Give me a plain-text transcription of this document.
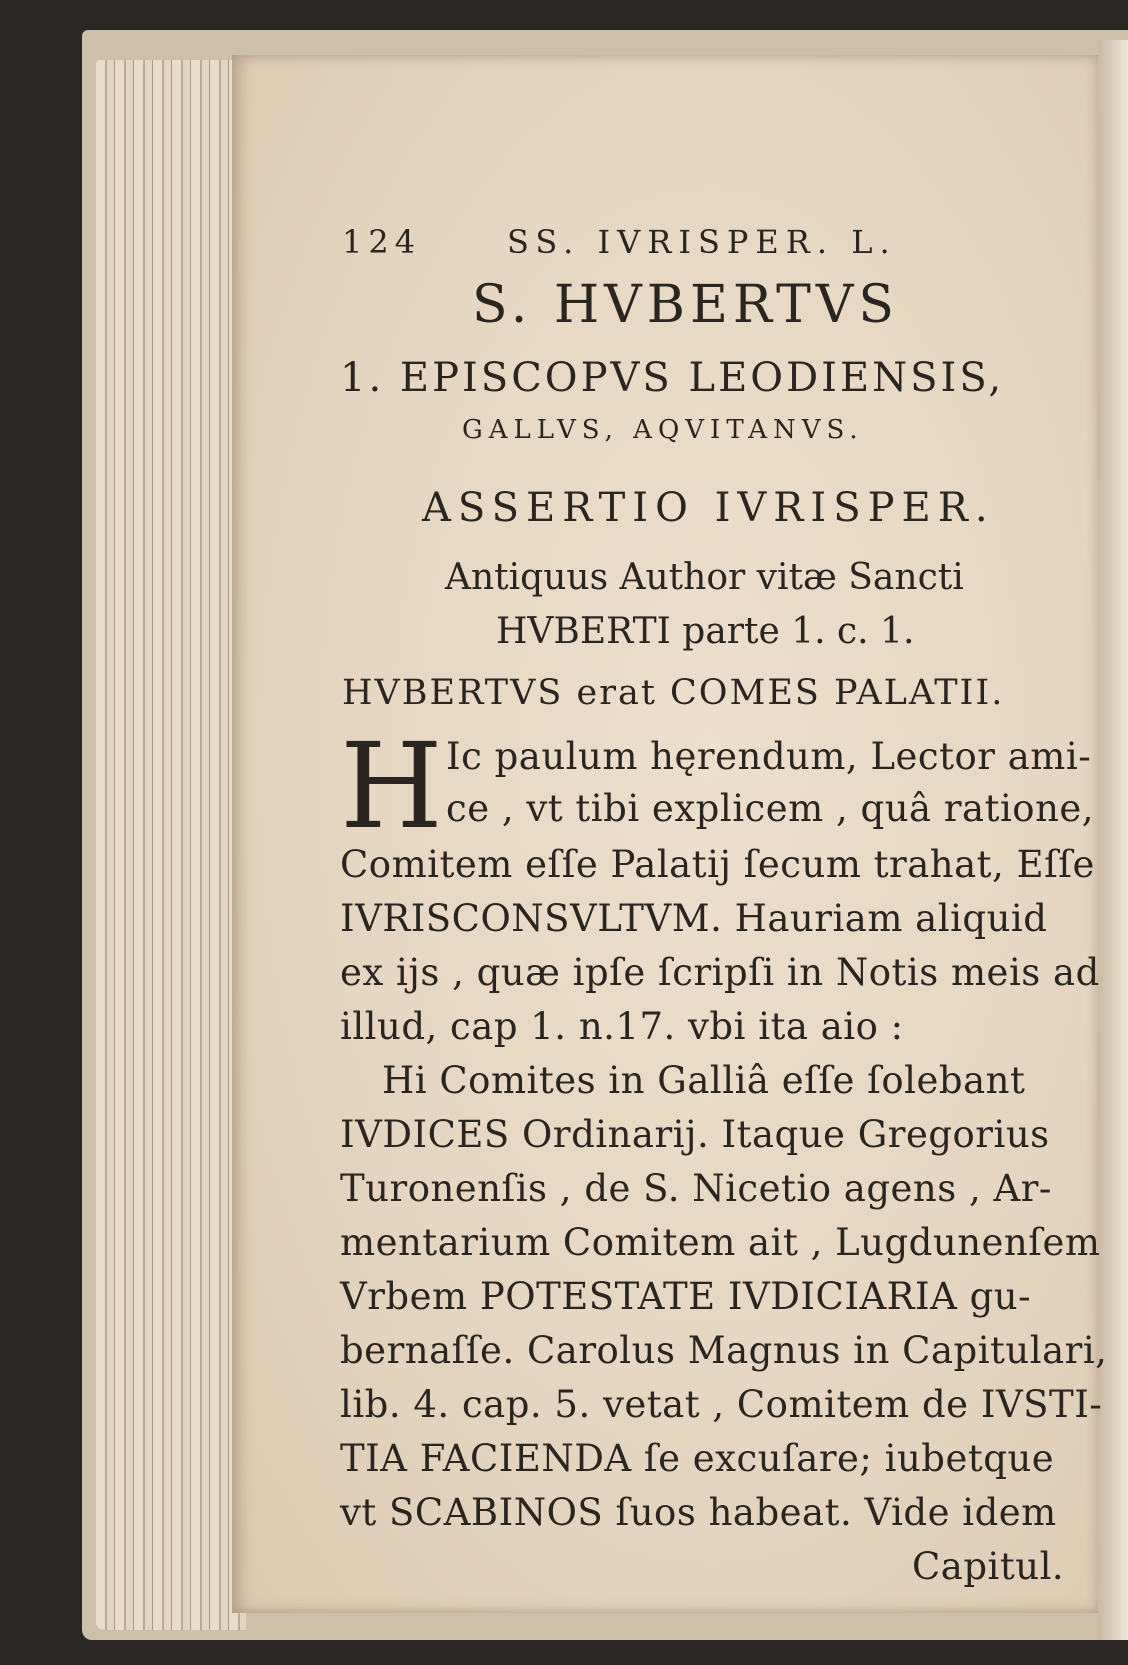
124	SS. IVRISPER. L.
S. HVBERTVS
1. EPISCOPVS LEODIENSIS,
GALLVS, AQVITANVS.
ASSERTIO IVRISPER.
Antiquus Author vitæ Sancti
HVBERTI parte 1. c. 1.
HVBERTVS erat COMES PALATII.
H Ic paulum hęrendum, Lector ami-
ce , vt tibi explicem , quâ ratione,
Comitem eſſe Palatij ſecum trahat, Eſſe
IVRISCONSVLTVM. Hauriam aliquid
ex ijs , quæ ipſe ſcripſi in Notis meis ad
illud, cap 1. n.17. vbi ita aio :
Hi Comites in Galliâ eſſe ſolebant
IVDICES Ordinarij. Itaque Gregorius
Turonenſis , de S. Nicetio agens , Ar-
mentarium Comitem ait , Lugdunenſem
Vrbem POTESTATE IVDICIARIA gu-
bernaſſe. Carolus Magnus in Capitulari,
lib. 4. cap. 5. vetat , Comitem de IVSTI-
TIA FACIENDA ſe excuſare; iubetque
vt SCABINOS ſuos habeat. Vide idem
Capitul.
